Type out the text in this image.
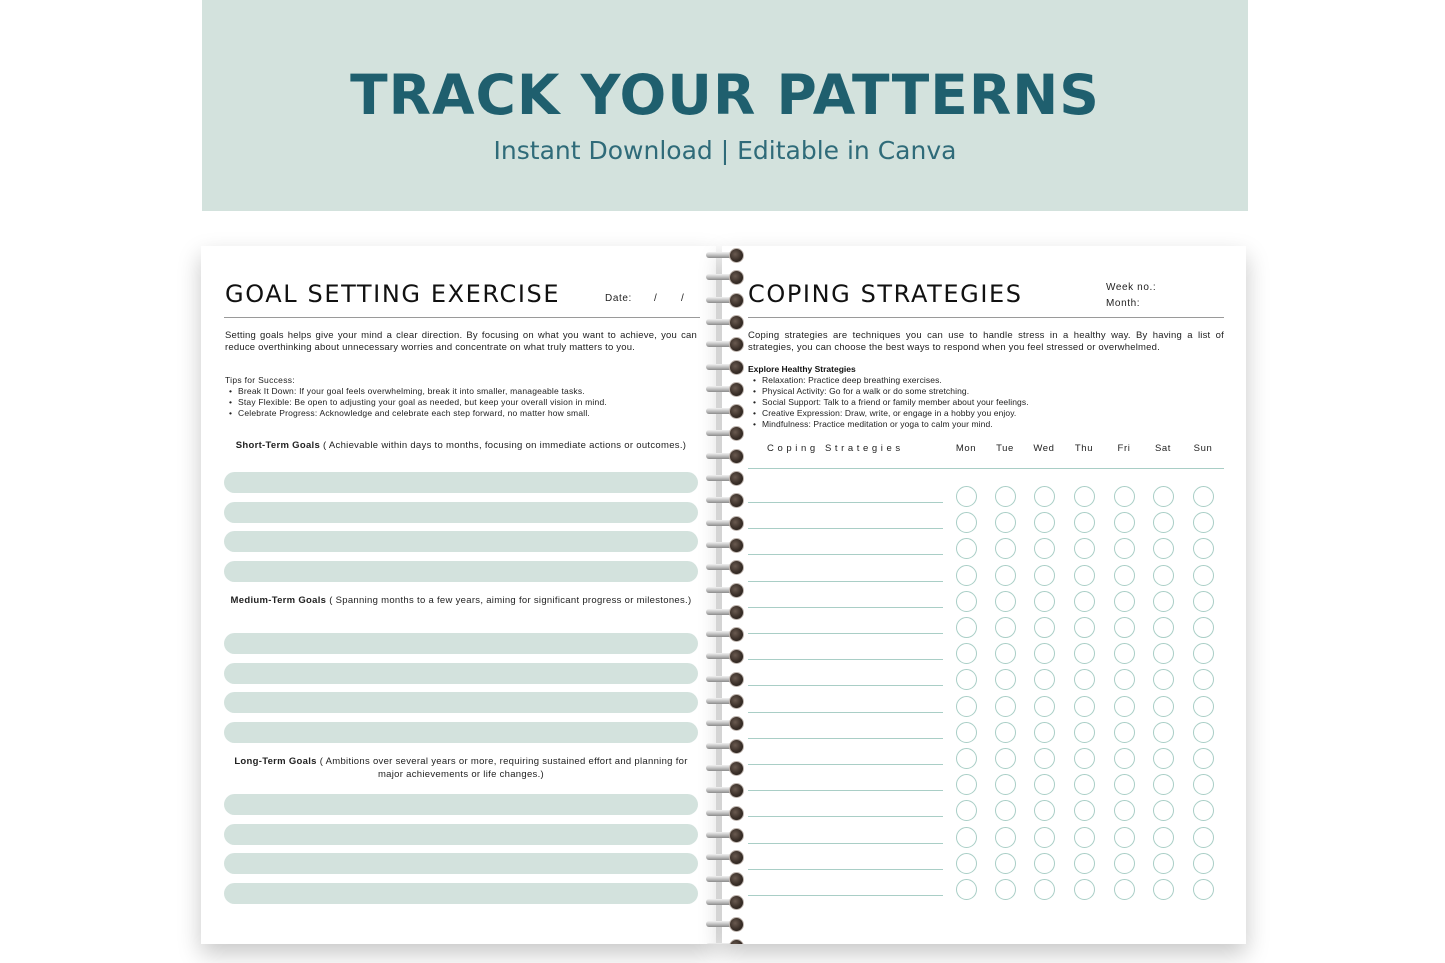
TRACK YOUR PATTERNS
Instant Download | Editable in Canva
GOAL SETTING EXERCISE	Date: / /
Setting goals helps give your mind a clear direction. By focusing on what you want to achieve, you can reduce overthinking about unnecessary worries and concentrate on what truly matters to you.
Tips for Success:
• Break It Down: If your goal feels overwhelming, break it into smaller, manageable tasks.
• Stay Flexible: Be open to adjusting your goal as needed, but keep your overall vision in mind.
• Celebrate Progress: Acknowledge and celebrate each step forward, no matter how small.
Short-Term Goals ( Achievable within days to months, focusing on immediate actions or outcomes.)
Medium-Term Goals ( Spanning months to a few years, aiming for significant progress or milestones.)
Long-Term Goals ( Ambitions over several years or more, requiring sustained effort and planning for major achievements or life changes.)
COPING STRATEGIES	Week no.:
Month:
Coping strategies are techniques you can use to handle stress in a healthy way. By having a list of strategies, you can choose the best ways to respond when you feel stressed or overwhelmed.
Explore Healthy Strategies
• Relaxation: Practice deep breathing exercises.
• Physical Activity: Go for a walk or do some stretching.
• Social Support: Talk to a friend or family member about your feelings.
• Creative Expression: Draw, write, or engage in a hobby you enjoy.
• Mindfulness: Practice meditation or yoga to calm your mind.
Coping Strategies	Mon	Tue	Wed	Thu	Fri	Sat	Sun
